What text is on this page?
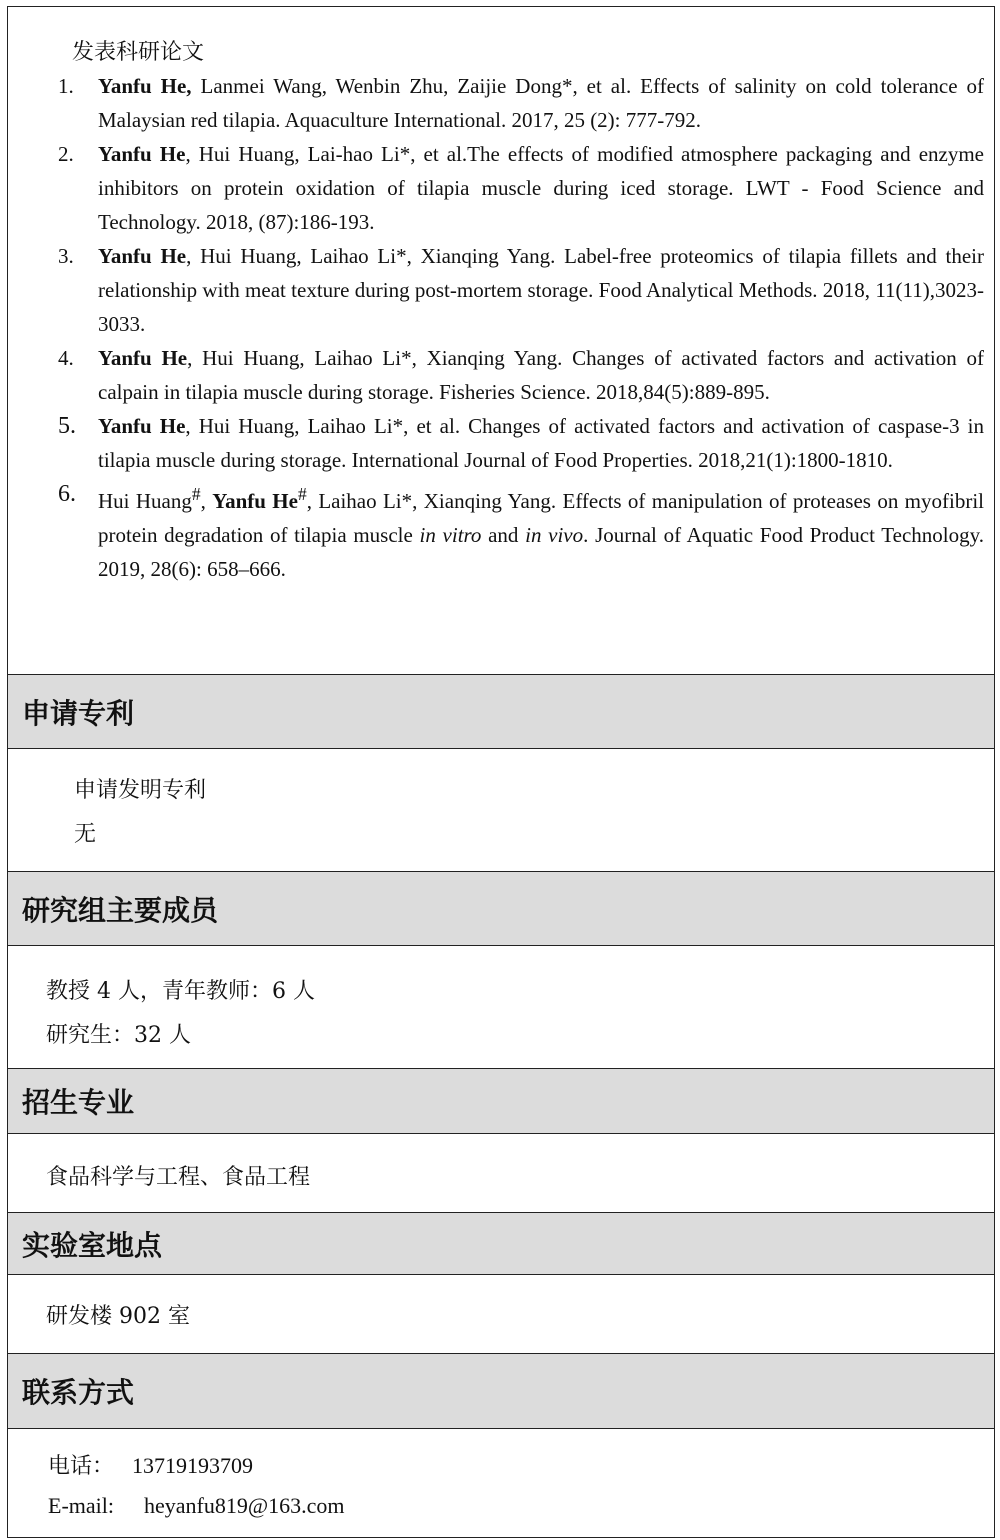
发表科研论文
1. Yanfu He, Lanmei Wang, Wenbin Zhu, Zaijie Dong*, et al. Effects of salinity on cold tolerance of Malaysian red tilapia. Aquaculture International. 2017, 25 (2): 777-792.
2. Yanfu He, Hui Huang, Lai-hao Li*, et al.The effects of modified atmosphere packaging and enzyme inhibitors on protein oxidation of tilapia muscle during iced storage. LWT - Food Science and Technology. 2018, (87):186-193.
3. Yanfu He, Hui Huang, Laihao Li*, Xianqing Yang. Label-free proteomics of tilapia fillets and their relationship with meat texture during post-mortem storage. Food Analytical Methods. 2018, 11(11),3023-3033.
4. Yanfu He, Hui Huang, Laihao Li*, Xianqing Yang. Changes of activated factors and activation of calpain in tilapia muscle during storage. Fisheries Science. 2018,84(5):889-895.
5. Yanfu He, Hui Huang, Laihao Li*, et al. Changes of activated factors and activation of caspase-3 in tilapia muscle during storage. International Journal of Food Properties. 2018,21(1):1800-1810.
6. Hui Huang#, Yanfu He#, Laihao Li*, Xianqing Yang. Effects of manipulation of proteases on myofibril protein degradation of tilapia muscle in vitro and in vivo. Journal of Aquatic Food Product Technology. 2019, 28(6): 658–666.
申请专利
申请发明专利
无
研究组主要成员
教授 4 人，青年教师：6 人
研究生：32 人
招生专业
食品科学与工程、食品工程
实验室地点
研发楼 902 室
联系方式
电话： 13719193709
E-mail: heyanfu819@163.com
